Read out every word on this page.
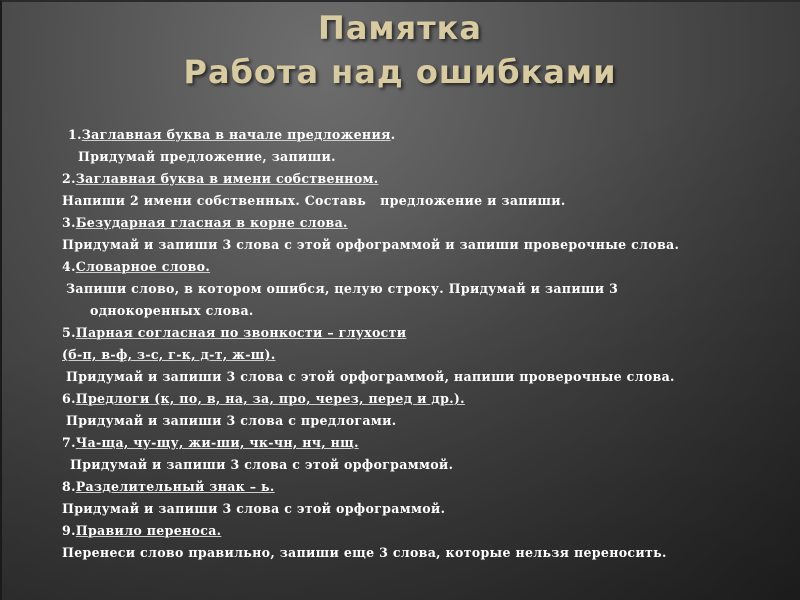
Памятка
Работа над ошибками
1.Заглавная буква в начале предложения.
Придумай предложение, запиши.
2.Заглавная буква в имени собственном.
Напиши 2 имени собственных. Составь предложение и запиши.
3.Безударная гласная в корне слова.
Придумай и запиши 3 слова с этой орфограммой и запиши проверочные слова.
4.Словарное слово.
Запиши слово, в котором ошибся, целую строку. Придумай и запиши 3
однокоренных слова.
5.Парная согласная по звонкости – глухости
(б-п, в-ф, з-с, г-к, д-т, ж-ш).
Придумай и запиши 3 слова с этой орфограммой, напиши проверочные слова.
6.Предлоги (к, по, в, на, за, про, через, перед и др.).
Придумай и запиши 3 слова с предлогами.
7.Ча-ща, чу-щу, жи-ши, чк-чн, нч, нщ.
Придумай и запиши 3 слова с этой орфограммой.
8.Разделительный знак – ь.
Придумай и запиши 3 слова с этой орфограммой.
9.Правило переноса.
Перенеси слово правильно, запиши еще 3 слова, которые нельзя переносить.
